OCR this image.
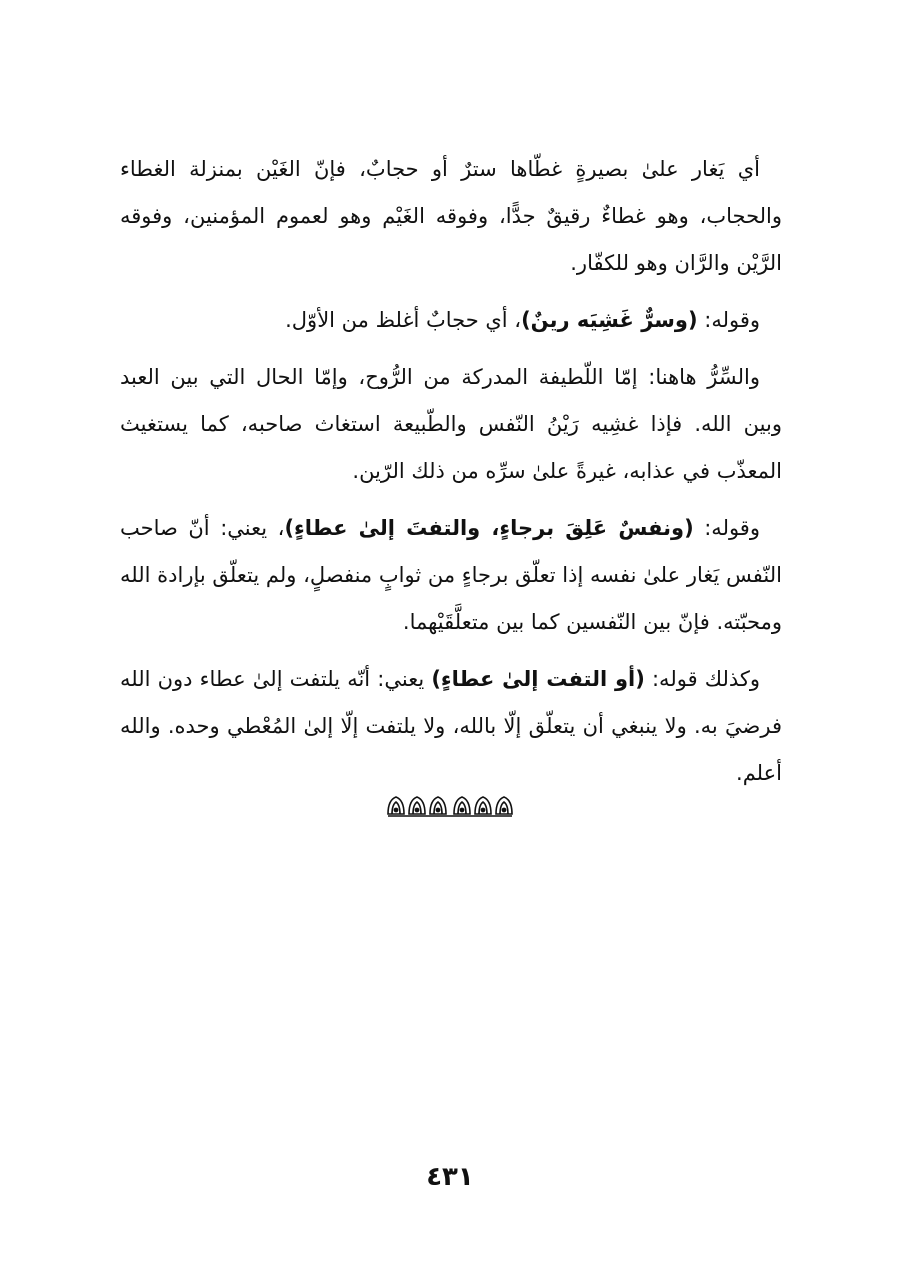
أي يَغار علىٰ بصيرةٍ غطّاها سترٌ أو حجابٌ، فإنّ الغَيْن بمنزلة الغطاء والحجاب، وهو غطاءٌ رقيقٌ جدًّا، وفوقه الغَيْم وهو لعموم المؤمنين، وفوقه الرَّيْن والرَّان وهو للكفّار.

وقوله: (وسرٌّ غَشِيَه رينٌ)، أي حجابٌ أغلظ من الأوّل.

والسِّرُّ هاهنا: إمّا اللّطيفة المدركة من الرُّوح، وإمّا الحال التي بين العبد وبين الله. فإذا غشِيه رَيْنُ النّفس والطّبيعة استغاث صاحبه، كما يستغيث المعذّب في عذابه، غيرةً علىٰ سرِّه من ذلك الرّين.

وقوله: (ونفسٌ عَلِقَ برجاءٍ، والتفتَ إلىٰ عطاءٍ)، يعني: أنّ صاحب النّفس يَغار علىٰ نفسه إذا تعلّق برجاءٍ من ثوابٍ منفصلٍ، ولم يتعلّق بإرادة الله ومحبّته. فإنّ بين النّفسين كما بين متعلَّقَيْهما.

وكذلك قوله: (أو التفت إلىٰ عطاءٍ) يعني: أنّه يلتفت إلىٰ عطاء دون الله فرضيَ به. ولا ينبغي أن يتعلّق إلّا بالله، ولا يلتفت إلّا إلىٰ المُعْطي وحده. والله أعلم.

٤٣١
